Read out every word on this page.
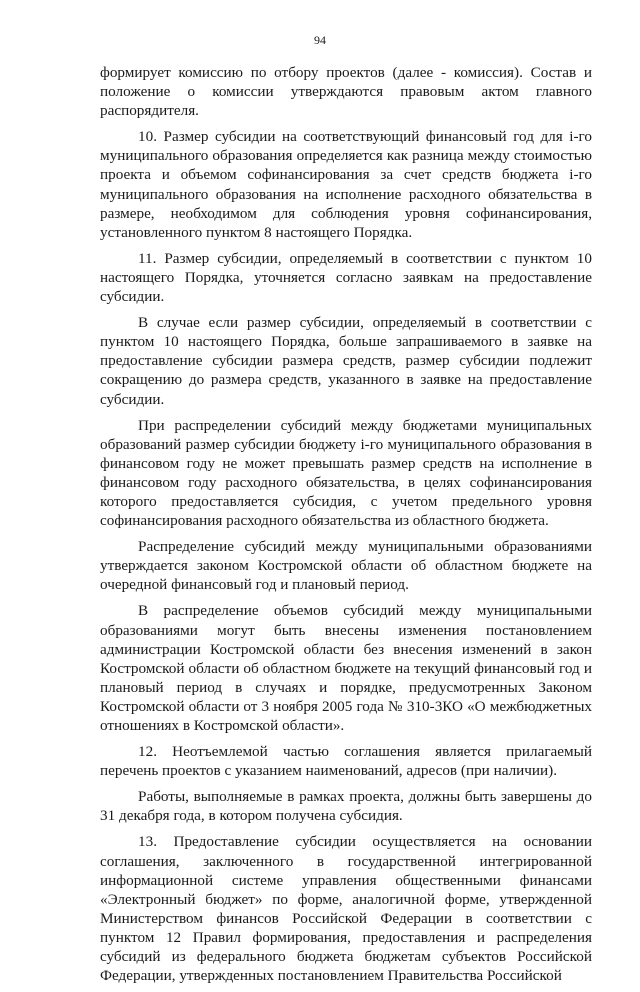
94

формирует комиссию по отбору проектов (далее - комиссия). Состав и положение о комиссии утверждаются правовым актом главного распорядителя.

10. Размер субсидии на соответствующий финансовый год для i-го муниципального образования определяется как разница между стоимостью проекта и объемом софинансирования за счет средств бюджета i-го муниципального образования на исполнение расходного обязательства в размере, необходимом для соблюдения уровня софинансирования, установленного пунктом 8 настоящего Порядка.

11. Размер субсидии, определяемый в соответствии с пунктом 10 настоящего Порядка, уточняется согласно заявкам на предоставление субсидии.

В случае если размер субсидии, определяемый в соответствии с пунктом 10 настоящего Порядка, больше запрашиваемого в заявке на предоставление субсидии размера средств, размер субсидии подлежит сокращению до размера средств, указанного в заявке на предоставление субсидии.

При распределении субсидий между бюджетами муниципальных образований размер субсидии бюджету i-го муниципального образования в финансовом году не может превышать размер средств на исполнение в финансовом году расходного обязательства, в целях софинансирования которого предоставляется субсидия, с учетом предельного уровня софинансирования расходного обязательства из областного бюджета.

Распределение субсидий между муниципальными образованиями утверждается законом Костромской области об областном бюджете на очередной финансовый год и плановый период.

В распределение объемов субсидий между муниципальными образованиями могут быть внесены изменения постановлением администрации Костромской области без внесения изменений в закон Костромской области об областном бюджете на текущий финансовый год и плановый период в случаях и порядке, предусмотренных Законом Костромской области от 3 ноября 2005 года № 310-3КО «О межбюджетных отношениях в Костромской области».

12. Неотъемлемой частью соглашения является прилагаемый перечень проектов с указанием наименований, адресов (при наличии).

Работы, выполняемые в рамках проекта, должны быть завершены до 31 декабря года, в котором получена субсидия.

13. Предоставление субсидии осуществляется на основании соглашения, заключенного в государственной интегрированной информационной системе управления общественными финансами «Электронный бюджет» по форме, аналогичной форме, утвержденной Министерством финансов Российской Федерации в соответствии с пунктом 12 Правил формирования, предоставления и распределения субсидий из федерального бюджета бюджетам субъектов Российской Федерации, утвержденных постановлением Правительства Российской
